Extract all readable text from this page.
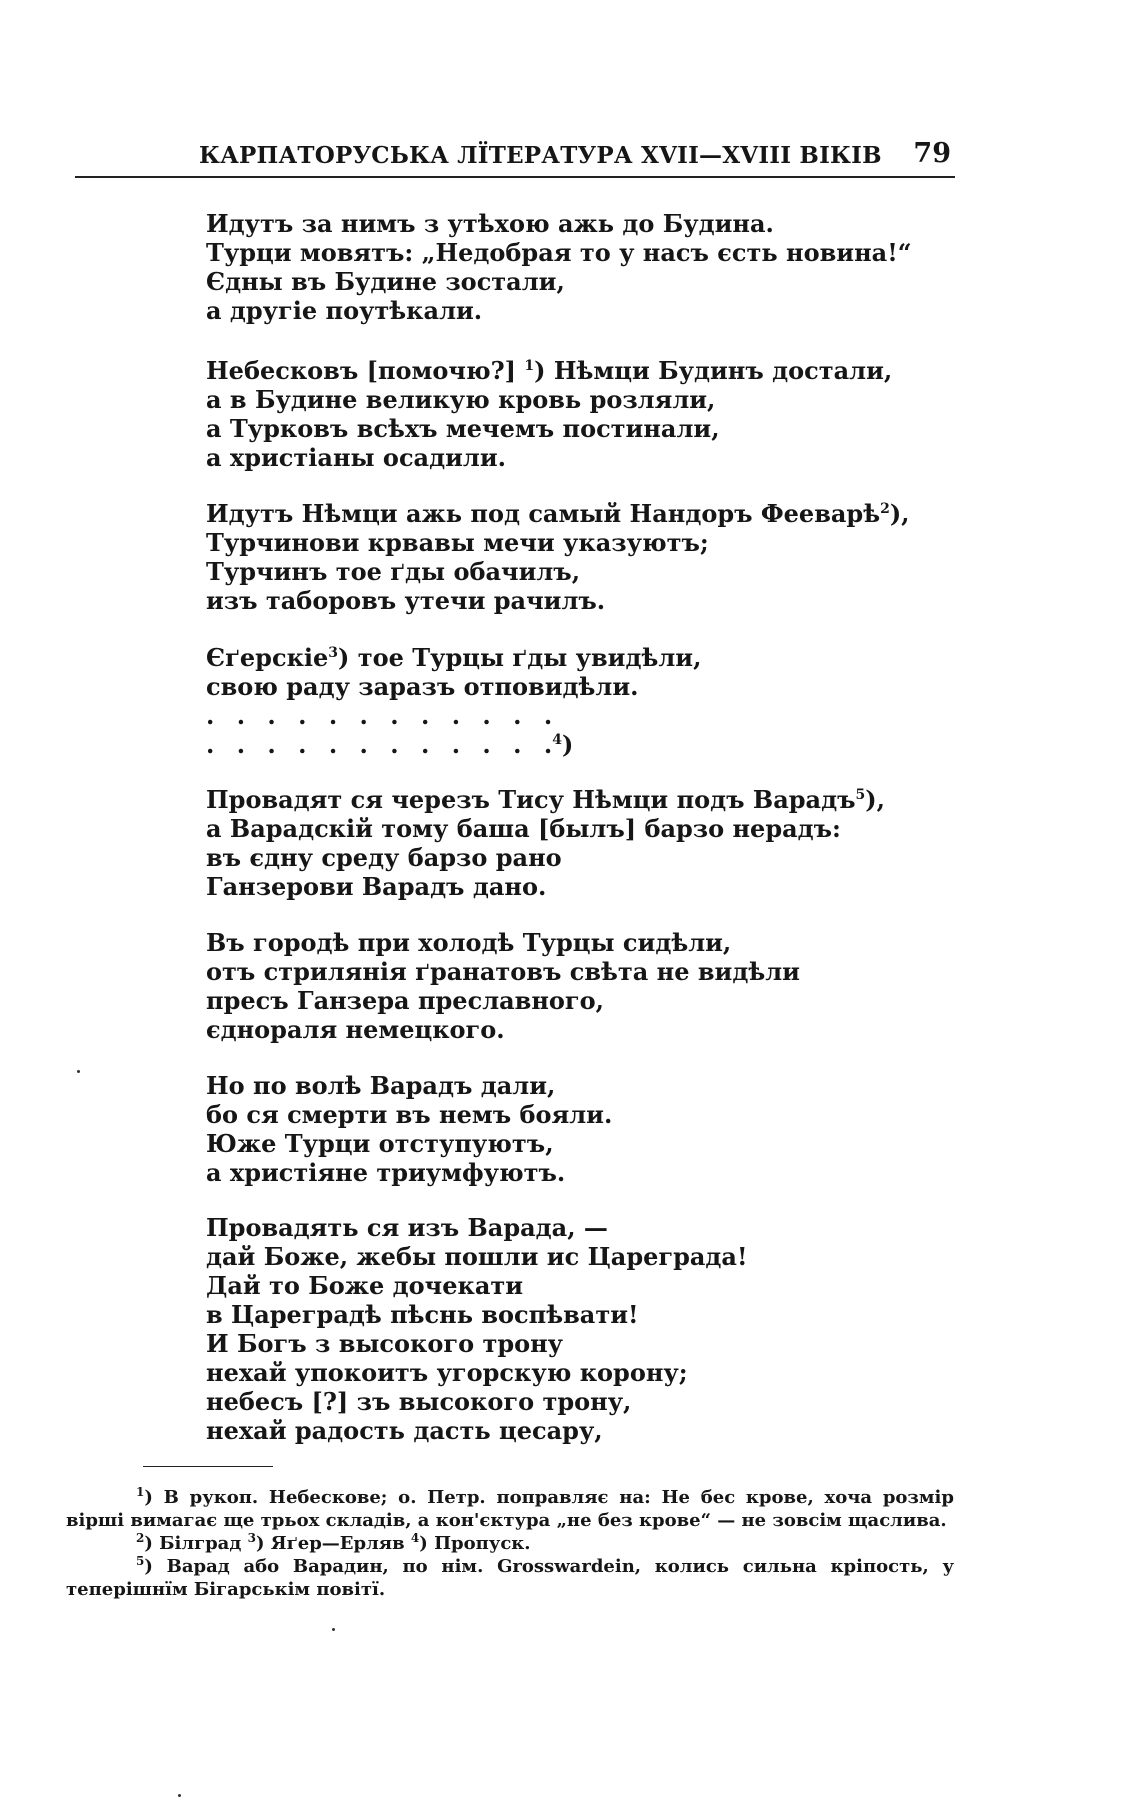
КАРПАТОРУСЬКА ЛЇТЕРАТУРА XVII—XVIII ВІКІВ 79
Идутъ за нимъ з утѣхою ажь до Будина.
Турци мовятъ: „Недобрая то у насъ єсть новина!“
Єдны въ Будине зостали,
а другіе поутѣкали.
Небесковъ [помочю?] $^1$) Нѣмци Будинъ достали,
а в Будине великую кровь розляли,
а Турковъ всѣхъ мечемъ постинали,
а христіаны осадили.
Идутъ Нѣмци ажь под самый Нандоръ Фееварѣ$^2$),
Турчинови крвавы мечи указуютъ;
Турчинъ тое ґды обачилъ,
изъ таборовъ утечи рачилъ.
Єґерскіе$^3$) тое Турцы ґды увидѣли,
свою раду заразъ отповидѣли.
. . . . . . . . . . . .
. . . . . . . . . . . .$^4$)
Провадят ся черезъ Тису Нѣмци подъ Варадъ$^5$),
а Варадскій тому баша [былъ] барзо нерадъ:
въ єдну среду барзо рано
Ганзерови Варадъ дано.
Въ городѣ при холодѣ Турцы сидѣли,
отъ стрилянія ґранатовъ свѣта не видѣли
пресъ Ганзера преславного,
єднораля немецкого.
Но по волѣ Варадъ дали,
бо ся смерти въ немъ бояли.
Юже Турци отступуютъ,
а христіяне триумфуютъ.
Провадять ся изъ Варада, —
дай Боже, жебы пошли ис Цареграда!
Дай то Боже дочекати
в Цареградѣ пѣснь воспѣвати!
И Богъ з высокого трону
нехай упокоитъ угорскую корону;
небесъ [?] зъ высокого трону,
нехай радость дасть цесару,
$^1$) В рукоп. Небескове; о. Петр. поправляє на: Не бес крове, хоча розмір вірші вимагає ще трьох складів, а кон'єктура „не без крове“ — не зовсім щаслива.
$^2$) Білград $^3$) Яґер—Ерляв $^4$) Пропуск.
$^5$) Варад або Варадин, по нім. Grosswardein, колись сильна кріпость, у теперішнїм Бігарськім повітї.
